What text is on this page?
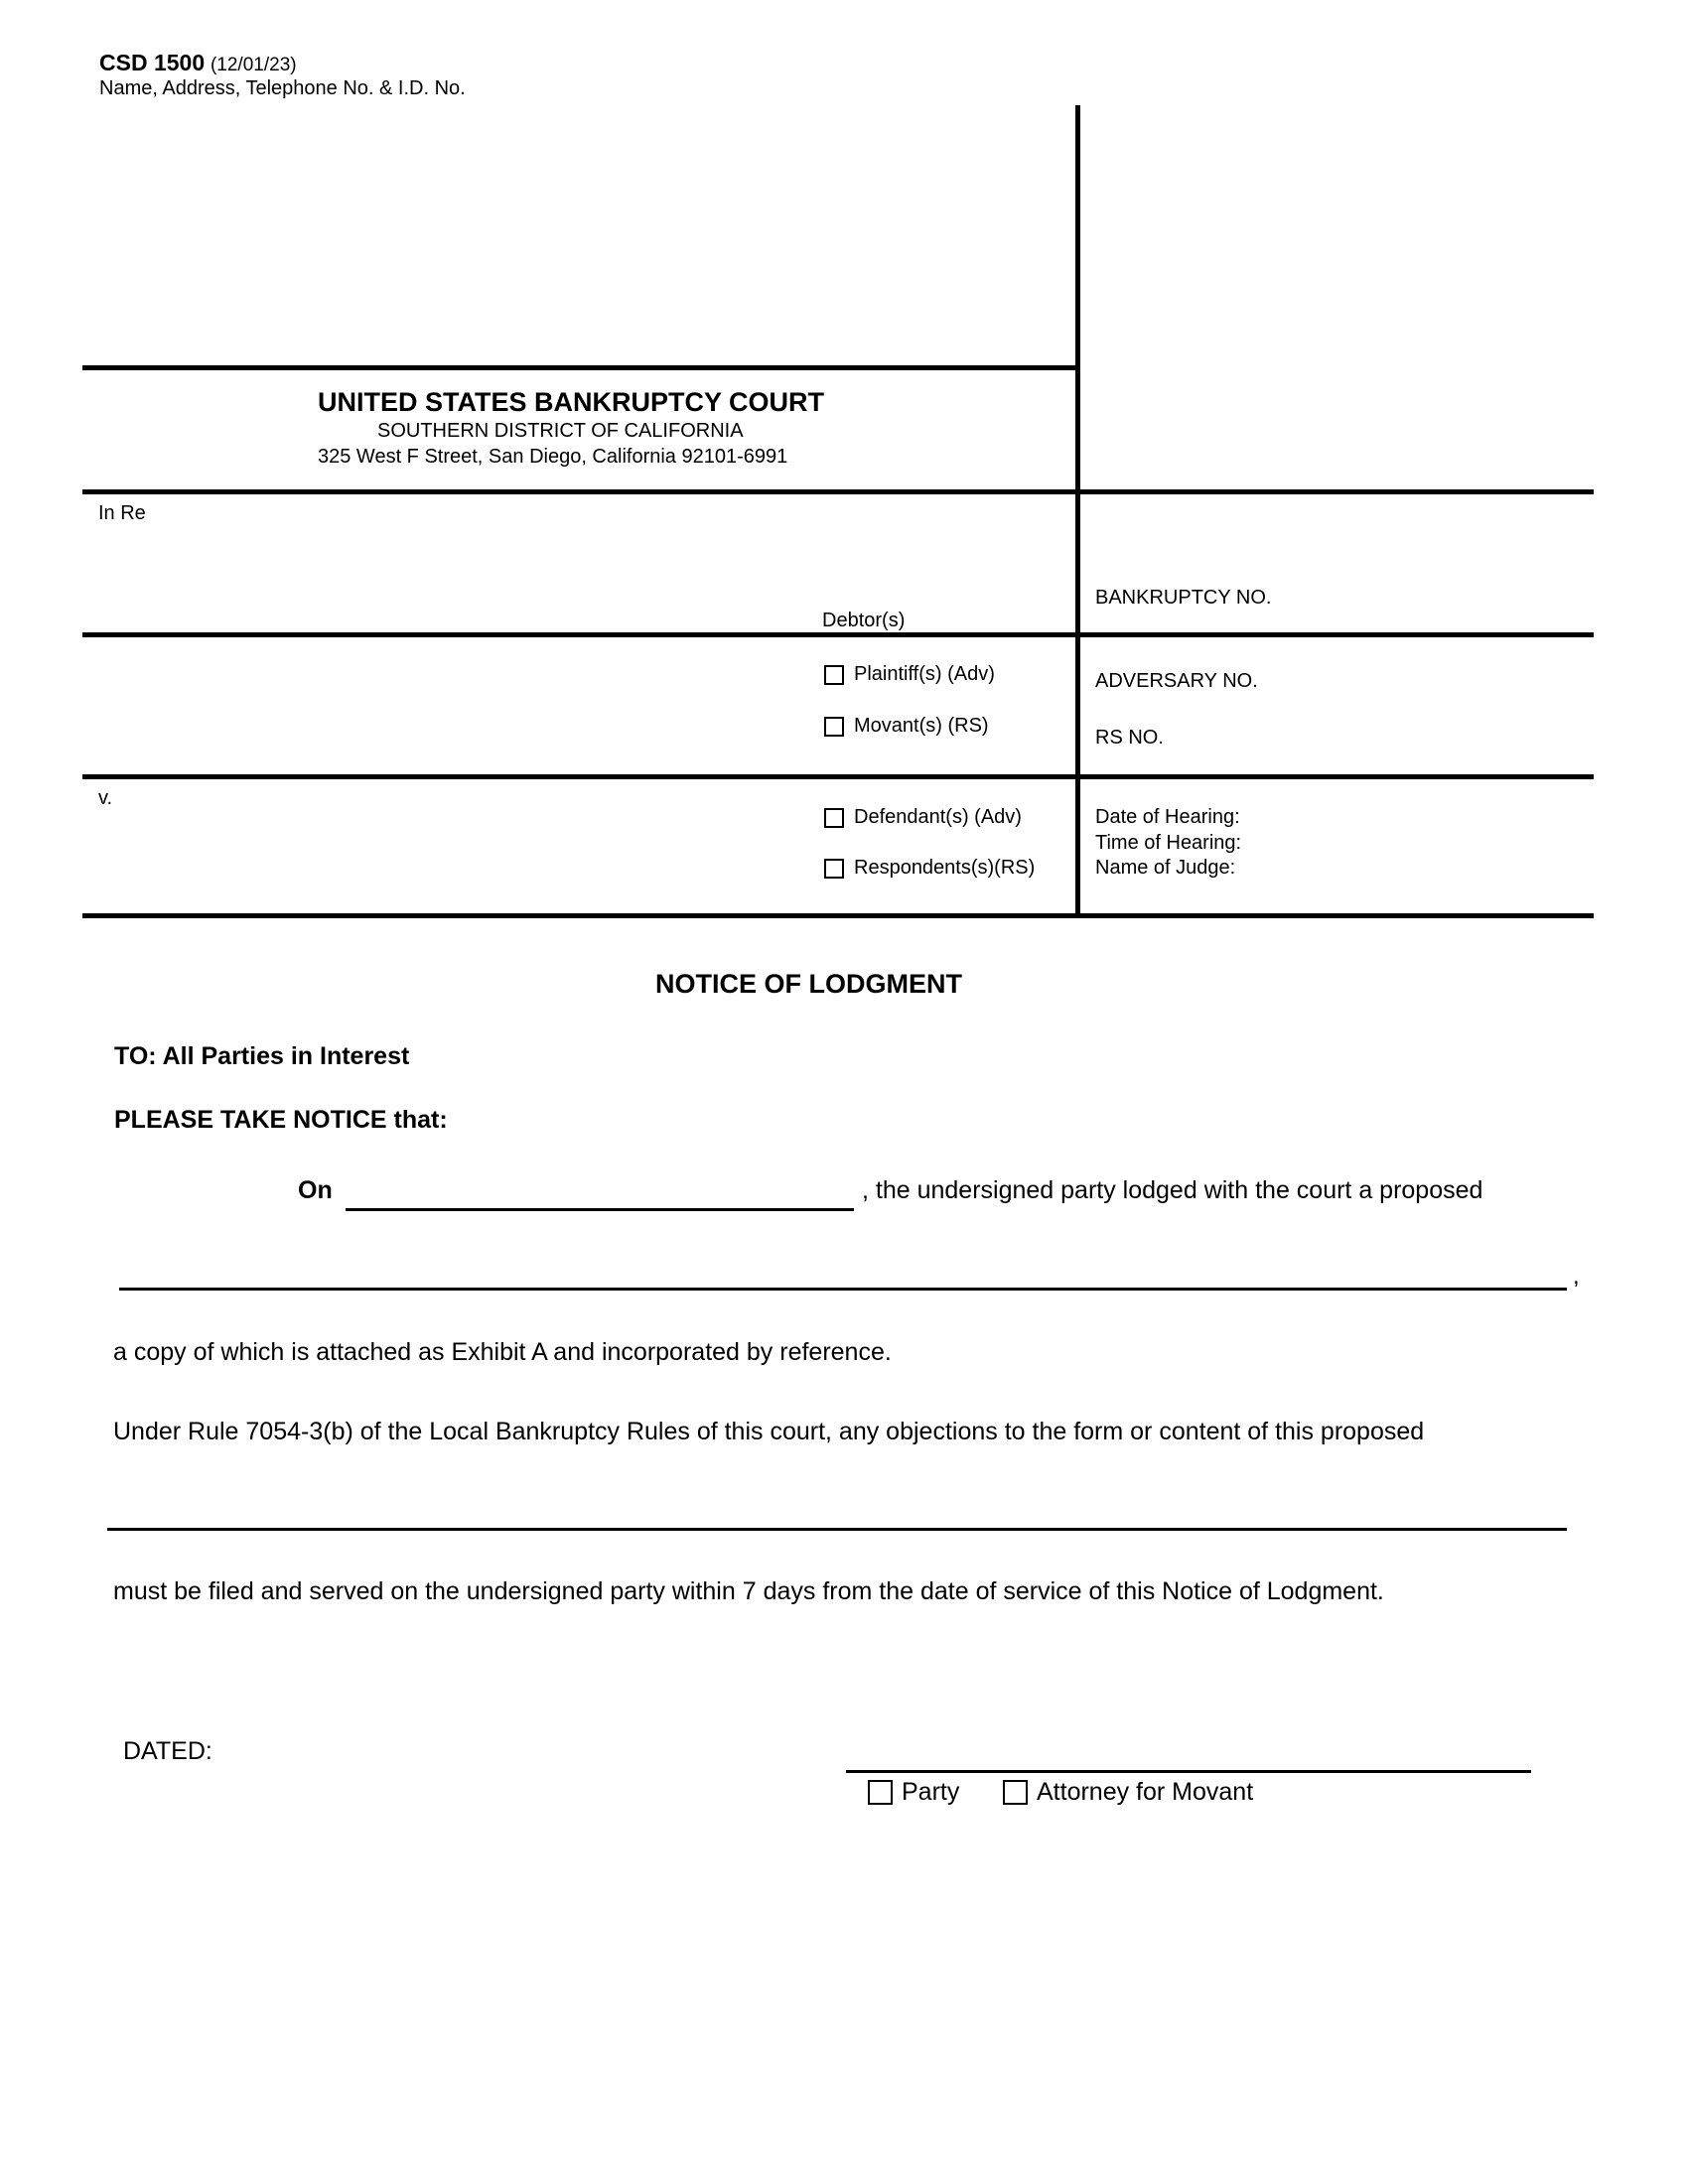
CSD 1500 (12/01/23)
Name, Address, Telephone No. & I.D. No.
UNITED STATES BANKRUPTCY COURT
SOUTHERN DISTRICT OF CALIFORNIA
325 West F Street, San Diego, California 92101-6991
In Re
Debtor(s)
BANKRUPTCY NO.
Plaintiff(s) (Adv)
Movant(s) (RS)
ADVERSARY NO.
RS NO.
v.
Defendant(s) (Adv)
Respondents(s)(RS)
Date of Hearing:
Time of Hearing:
Name of Judge:
NOTICE OF LODGMENT
TO: All Parties in Interest
PLEASE TAKE NOTICE that:
On	, the undersigned party lodged with the court a proposed
,
a copy of which is attached as Exhibit A and incorporated by reference.
Under Rule 7054-3(b) of the Local Bankruptcy Rules of this court, any objections to the form or content of this proposed
must be filed and served on the undersigned party within 7 days from the date of service of this Notice of Lodgment.
DATED:
Party	Attorney for Movant
